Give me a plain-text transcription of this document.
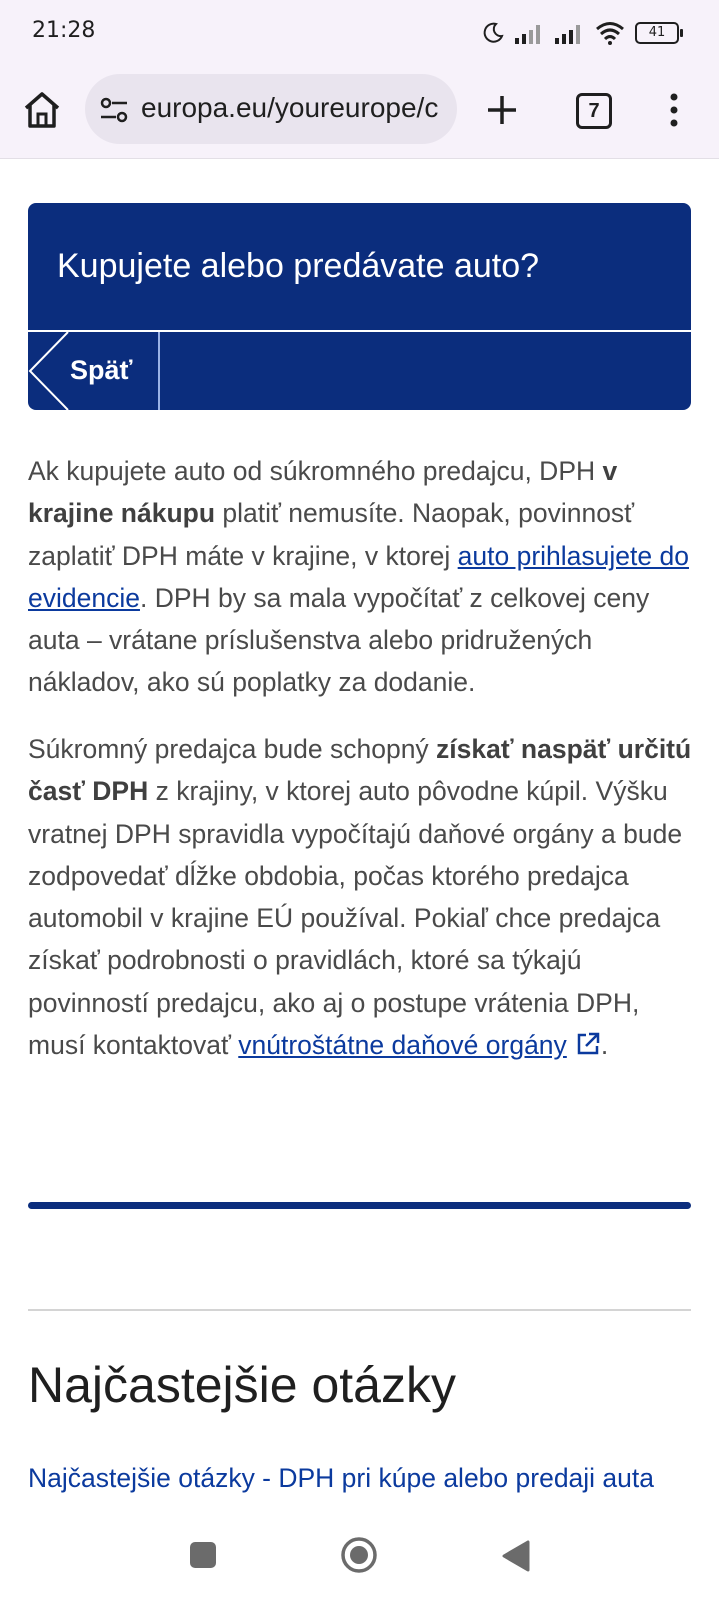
21:28	41
europa.eu/youreurope/c	7
Kupujete alebo predávate auto?
Späť

Ak kupujete auto od súkromného predajcu, DPH v krajine nákupu platiť nemusíte. Naopak, povinnosť zaplatiť DPH máte v krajine, v ktorej auto prihlasujete do evidencie. DPH by sa mala vypočítať z celkovej ceny auta – vrátane príslušenstva alebo pridružených nákladov, ako sú poplatky za dodanie.

Súkromný predajca bude schopný získať naspäť určitú časť DPH z krajiny, v ktorej auto pôvodne kúpil. Výšku vratnej DPH spravidla vypočítajú daňové orgány a bude zodpovedať dĺžke obdobia, počas ktorého predajca automobil v krajine EÚ používal. Pokiaľ chce predajca získať podrobnosti o pravidlách, ktoré sa týkajú povinností predajcu, ako aj o postupe vrátenia DPH, musí kontaktovať vnútroštátne daňové orgány .

Najčastejšie otázky
Najčastejšie otázky - DPH pri kúpe alebo predaji auta
